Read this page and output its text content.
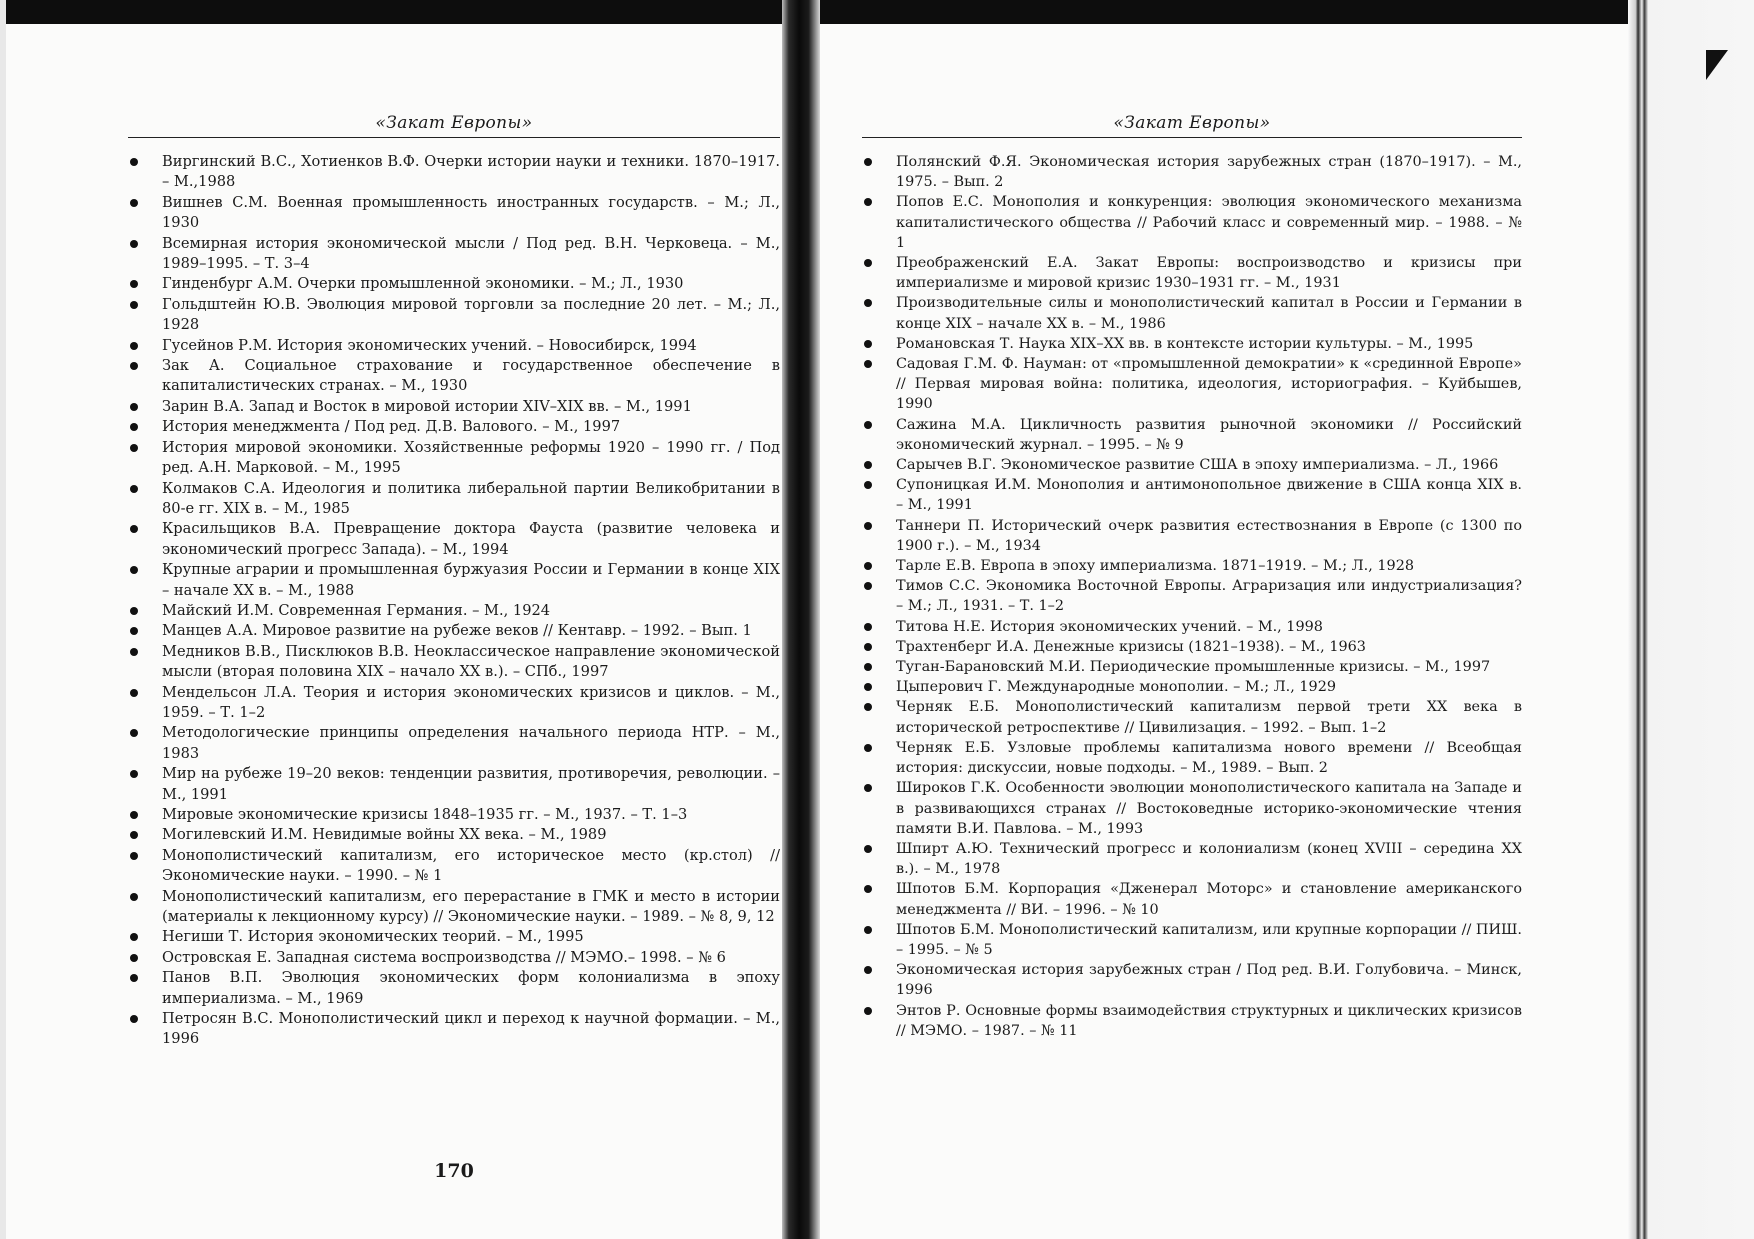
«Закат Европы»
Виргинский В.С., Хотиенков В.Ф. Очерки истории науки и техники. 1870–1917. – М.,1988
Вишнев С.М. Военная промышленность иностранных государств. – М.; Л., 1930
Всемирная история экономической мысли / Под ред. В.Н. Черковеца. – М., 1989–1995. – Т. 3–4
Гинденбург А.М. Очерки промышленной экономики. – М.; Л., 1930
Гольдштейн Ю.В. Эволюция мировой торговли за последние 20 лет. – М.; Л., 1928
Гусейнов Р.М. История экономических учений. – Новосибирск, 1994
Зак А. Социальное страхование и государственное обеспечение в капиталистических странах. – М., 1930
Зарин В.А. Запад и Восток в мировой истории XIV–XIX вв. – М., 1991
История менеджмента / Под ред. Д.В. Валового. – М., 1997
История мировой экономики. Хозяйственные реформы 1920 – 1990 гг. / Под ред. А.Н. Марковой. – М., 1995
Колмаков С.А. Идеология и политика либеральной партии Великобритании в 80-е гг. XIX в. – М., 1985
Красильщиков В.А. Превращение доктора Фауста (развитие человека и экономический прогресс Запада). – М., 1994
Крупные аграрии и промышленная буржуазия России и Германии в конце XIX – начале XX в. – М., 1988
Майский И.М. Современная Германия. – М., 1924
Манцев А.А. Мировое развитие на рубеже веков // Кентавр. – 1992. – Вып. 1
Медников В.В., Писклюков В.В. Неоклассическое направление экономической мысли (вторая половина XIX – начало XX в.). – СПб., 1997
Мендельсон Л.А. Теория и история экономических кризисов и циклов. – М., 1959. – Т. 1–2
Методологические принципы определения начального периода НТР. – М., 1983
Мир на рубеже 19–20 веков: тенденции развития, противоречия, революции. – М., 1991
Мировые экономические кризисы 1848–1935 гг. – М., 1937. – Т. 1–3
Могилевский И.М. Невидимые войны XX века. – М., 1989
Монополистический капитализм, его историческое место (кр.стол) // Экономические науки. – 1990. – № 1
Монополистический капитализм, его перерастание в ГМК и место в истории (материалы к лекционному курсу) // Экономические науки. – 1989. – № 8, 9, 12
Негиши Т. История экономических теорий. – М., 1995
Островская Е. Западная система воспроизводства // МЭМО.– 1998. – № 6
Панов В.П. Эволюция экономических форм колониализма в эпоху империализма. – М., 1969
Петросян В.С. Монополистический цикл и переход к научной формации. – М., 1996
170
«Закат Европы»
Полянский Ф.Я. Экономическая история зарубежных стран (1870–1917). – М., 1975. – Вып. 2
Попов Е.С. Монополия и конкуренция: эволюция экономического механизма капиталистического общества // Рабочий класс и современный мир. – 1988. – № 1
Преображенский Е.А. Закат Европы: воспроизводство и кризисы при империализме и мировой кризис 1930–1931 гг. – М., 1931
Производительные силы и монополистический капитал в России и Германии в конце XIX – начале XX в. – М., 1986
Романовская Т. Наука XIX–XX вв. в контексте истории культуры. – М., 1995
Садовая Г.М. Ф. Науман: от «промышленной демократии» к «срединной Европе» // Первая мировая война: политика, идеология, историография. – Куйбышев, 1990
Сажина М.А. Цикличность развития рыночной экономики // Российский экономический журнал. – 1995. – № 9
Сарычев В.Г. Экономическое развитие США в эпоху империализма. – Л., 1966
Супоницкая И.М. Монополия и антимонопольное движение в США конца XIX в. – М., 1991
Таннери П. Исторический очерк развития естествознания в Европе (с 1300 по 1900 г.). – М., 1934
Тарле Е.В. Европа в эпоху империализма. 1871–1919. – М.; Л., 1928
Тимов С.С. Экономика Восточной Европы. Аграризация или индустриализация? – М.; Л., 1931. – Т. 1–2
Титова Н.Е. История экономических учений. – М., 1998
Трахтенберг И.А. Денежные кризисы (1821–1938). – М., 1963
Туган-Барановский М.И. Периодические промышленные кризисы. – М., 1997
Цыперович Г. Международные монополии. – М.; Л., 1929
Черняк Е.Б. Монополистический капитализм первой трети XX века в исторической ретроспективе // Цивилизация. – 1992. – Вып. 1–2
Черняк Е.Б. Узловые проблемы капитализма нового времени // Всеобщая история: дискуссии, новые подходы. – М., 1989. – Вып. 2
Широков Г.К. Особенности эволюции монополистического капитала на Западе и в развивающихся странах // Востоковедные историко-экономические чтения памяти В.И. Павлова. – М., 1993
Шпирт А.Ю. Технический прогресс и колониализм (конец XVIII – середина XX в.). – М., 1978
Шпотов Б.М. Корпорация «Дженерал Моторс» и становление американского менеджмента // ВИ. – 1996. – № 10
Шпотов Б.М. Монополистический капитализм, или крупные корпорации // ПИШ. – 1995. – № 5
Экономическая история зарубежных стран / Под ред. В.И. Голубовича. – Минск, 1996
Энтов Р. Основные формы взаимодействия структурных и циклических кризисов // МЭМО. – 1987. – № 11
